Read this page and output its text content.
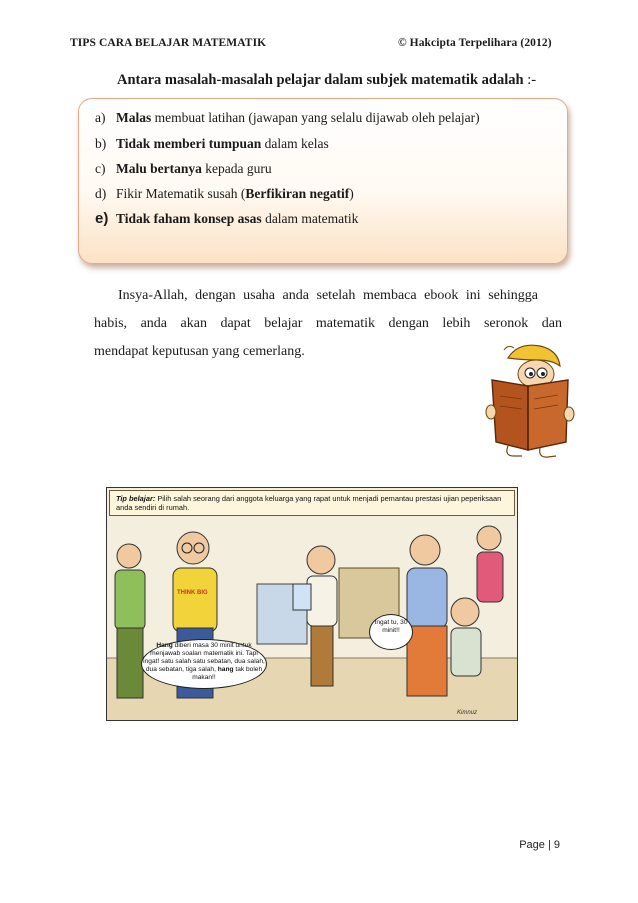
TIPS CARA BELAJAR MATEMATIK	© Hakcipta Terpelihara (2012)
Antara masalah-masalah pelajar dalam subjek matematik adalah :-
a) Malas membuat latihan (jawapan yang selalu dijawab oleh pelajar)
b) Tidak memberi tumpuan dalam kelas
c) Malu bertanya kepada guru
d) Fikir Matematik susah (Berfikiran negatif)
e) Tidak faham konsep asas dalam matematik
Insya-Allah, dengan usaha anda setelah membaca ebook ini sehingga
habis, anda akan dapat belajar matematik dengan lebih seronok dan
mendapat keputusan yang cemerlang.
THINK BIG
Kimnuz
Tip belajar: Pilih salah seorang dari anggota keluarga yang rapat untuk menjadi pemantau prestasi ujian peperiksaan anda sendiri di rumah.
Hang diberi masa 30 minit untuk menjawab soalan matematik ini. Tapi ingat! satu salah satu sebatan, dua salah, dua sebatan, tiga salah, hang tak boleh makan!!
Ingat tu, 30 minit!!
Page | 9
